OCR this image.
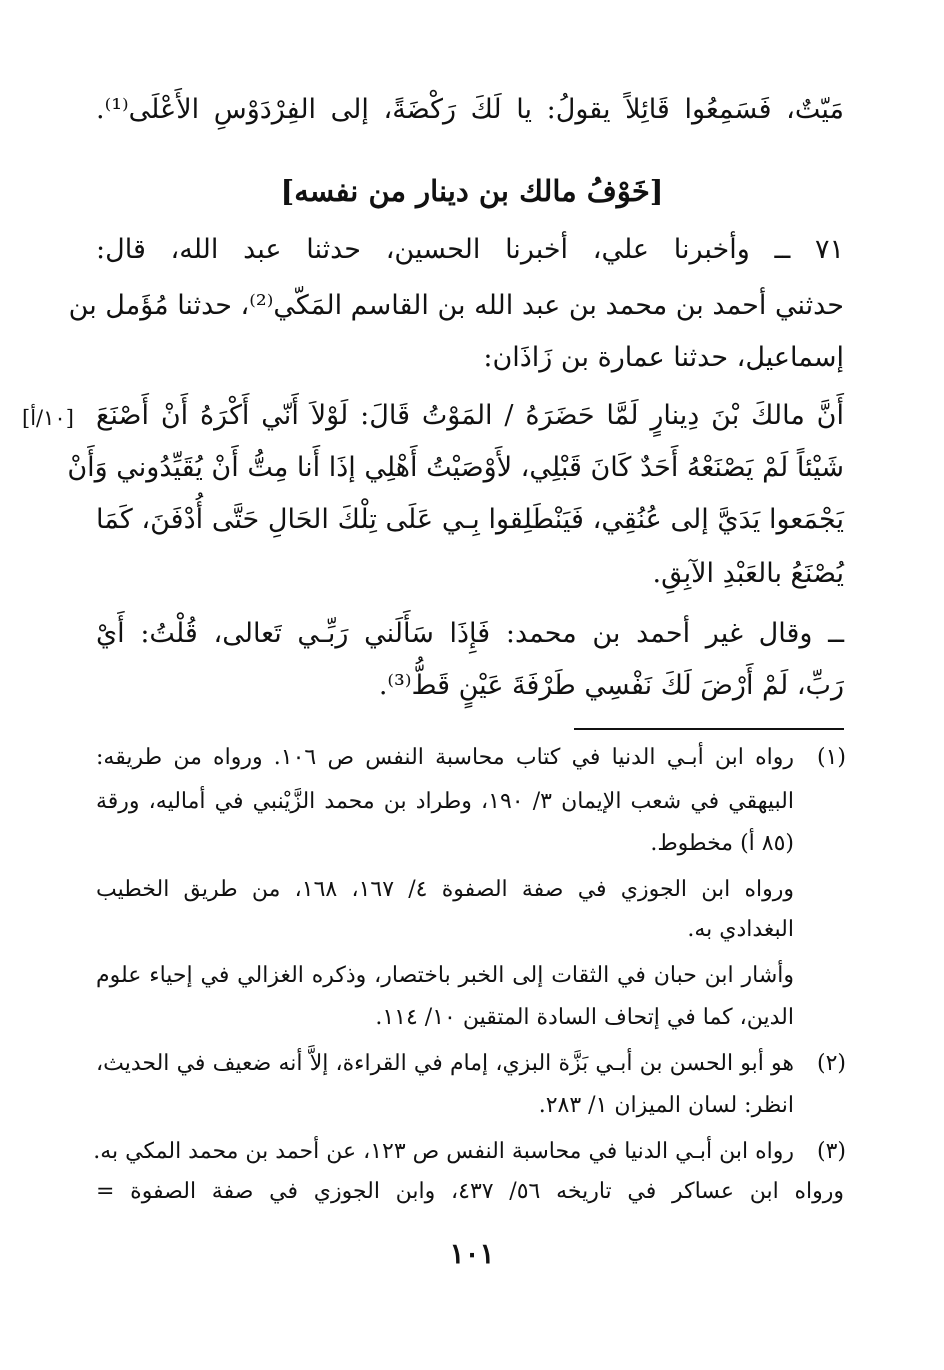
مَيّتٌ، فَسَمِعُوا قَائِلاً يقولُ: يا لَكَ رَكْضَةً، إلى الفِرْدَوْسِ الأَعْلَى⁽¹⁾.
[خَوْفُ مالك بن دينار من نفسه]
٧١ ــ وأخبرنا علي، أخبرنا الحسين، حدثنا عبد الله، قال:
حدثني أحمد بن محمد بن عبد الله بن القاسم المَكّي⁽²⁾، حدثنا مُؤَمل بن
إسماعيل، حدثنا عمارة بن زَاذَان:
[١٠/أ] أَنَّ مالكَ بْنَ دِينارٍ لَمَّا حَضَرَهُ / المَوْتُ قَالَ: لَوْلاَ أَنّي أَكْرَهُ أَنْ أَصْنَعَ
شَيْئاً لَمْ يَصْنَعْهُ أَحَدٌ كَانَ قَبْلِي، لأَوْصَيْتُ أَهْلِي إذَا أَنا مِتُّ أَنْ يُقَيِّدُوني وَأَنْ
يَجْمَعوا يَدَيَّ إلى عُنُقِي، فَيَنْطَلِقوا بِـي عَلَى تِلْكَ الحَالِ حَتَّى أُدْفَنَ، كَمَا
يُصْنَعُ بالعَبْدِ الآبِقِ.
ــ وقال غير أحمد بن محمد: فَإِذَا سَأَلَني رَبِّـي تَعالى، قُلْتُ: أَيْ
رَبِّ، لَمْ أَرْضَ لَكَ نَفْسِي طَرْفَةَ عَيْنٍ قَطُّ⁽³⁾.
(١)
رواه ابن أبـي الدنيا في كتاب محاسبة النفس ص ١٠٦. ورواه من طريقه:
البيهقي في شعب الإيمان ٣/ ١٩٠، وطراد بن محمد الزَّيْنبي في أماليه، ورقة
(٨٥ أ) مخطوط.
ورواه ابن الجوزي في صفة الصفوة ٤/ ١٦٧، ١٦٨، من طريق الخطيب
البغدادي به.
وأشار ابن حبان في الثقات إلى الخبر باختصار، وذكره الغزالي في إحياء علوم
الدين، كما في إتحاف السادة المتقين ١٠/ ١١٤.
(٢)
هو أبو الحسن بن أبـي بَزَّة البزي، إمام في القراءة، إلاَّ أنه ضعيف في الحديث،
انظر: لسان الميزان ١/ ٢٨٣.
(٣)
رواه ابن أبـي الدنيا في محاسبة النفس ص ١٢٣، عن أحمد بن محمد المكي به.
ورواه ابن عساكر في تاريخه ٥٦/ ٤٣٧، وابن الجوزي في صفة الصفوة =
١٠١
